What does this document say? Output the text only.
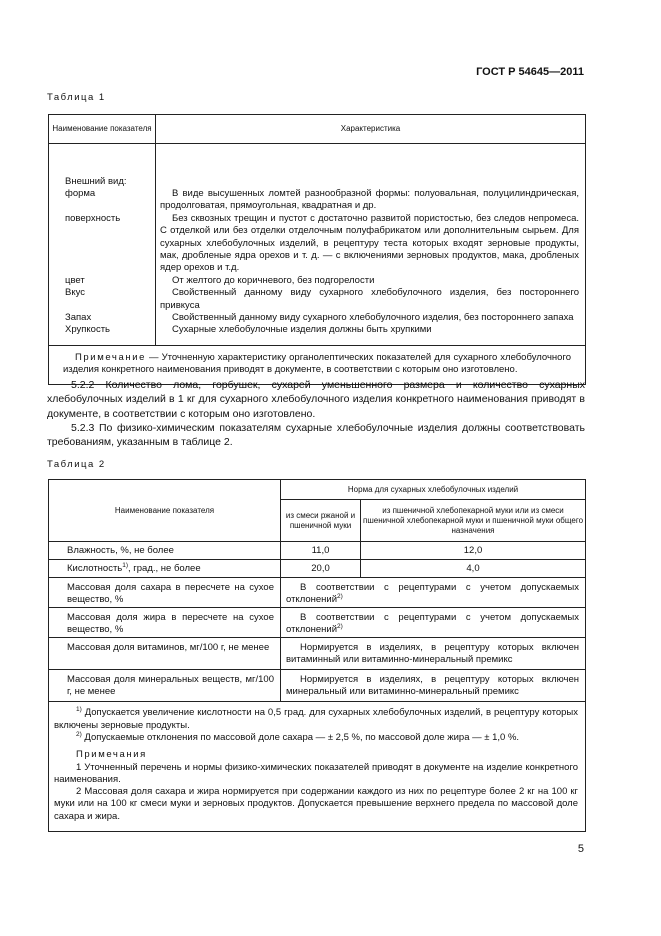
ГОСТ Р 54645—2011
Таблица 1
Наименование показателя	Характеристика
Внешний вид:
форма	В виде высушенных ломтей разнообразной формы: полуовальная, полуцилиндрическая, продолговатая, прямоугольная, квадратная и др.

поверхность	Без сквозных трещин и пустот с достаточно развитой пористостью, без следов непромеса. С отделкой или без отделки отделочным полуфабрикатом или дополнительным сырьем. Для сухарных хлебобулочных изделий, в рецептуру теста которых входят зерновые продукты, мак, дробленые ядра орехов и т. д. — с включениями зерновых продуктов, мака, дробленых ядер орехов и т.д.

цвет	От желтого до коричневого, без подгорелости

Вкус	Свойственный данному виду сухарного хлебобулочного изделия, без постороннего привкуса

Запах	Свойственный данному виду сухарного хлебобулочного изделия, без постороннего запаха

Хрупкость	Сухарные хлебобулочные изделия должны быть хрупкими

Примечание — Уточненную характеристику органолептических показателей для сухарного хлебобулочного изделия конкретного наименования приводят в документе, в соответствии с которым оно изготовлено.	

5.2.2 Количество лома, горбушек, сухарей уменьшенного размера и количество сухарных хлебобулочных изделий в 1 кг для сухарного хлебобулочного изделия конкретного наименования приводят в документе, в соответствии с которым оно изготовлено.

5.2.3 По физико-химическим показателям сухарные хлебобулочные изделия должны соответствовать требованиям, указанным в таблице 2.

Таблица 2
Наименование показателя	Норма для сухарных хлебобулочных изделий	
	из смеси ржаной и пшеничной муки	из пшеничной хлебопекарной муки или из смеси пшеничной хлебопекарной муки и пшеничной муки общего назначения
Влажность, %, не более	11,0	12,0
Кислотность$^{1)}$, град., не более	20,0	4,0
Массовая доля сахара в пересчете на сухое вещество, %	В соответствии с рецептурами с учетом допускаемых отклонений$^{2)}$
Массовая доля жира в пересчете на сухое вещество, %	В соответствии с рецептурами с учетом допускаемых отклонений$^{2)}$
Массовая доля витаминов, мг/100 г, не менее	Нормируется в изделиях, в рецептуру которых включен витаминный или витаминно-минеральный премикс	
Массовая доля минеральных веществ, мг/100 г, не менее	Нормируется в изделиях, в рецептуру которых включен минеральный или витаминно-минеральный премикс	

$^{1)}$ Допускается увеличение кислотности на 0,5 град. для сухарных хлебобулочных изделий, в рецептуру которых включены зерновые продукты.

$^{2)}$ Допускаемые отклонения по массовой доле сахара — ± 2,5 %, по массовой доле жира — ± 1,0 %.

Примечания

1 Уточненный перечень и нормы физико-химических показателей приводят в документе на изделие конкретного наименования.

2 Массовая доля сахара и жира нормируется при содержании каждого из них по рецептуре более 2 кг на 100 кг муки или на 100 кг смеси муки и зерновых продуктов. Допускается превышение верхнего предела по массовой доле сахара и жира.		

5
